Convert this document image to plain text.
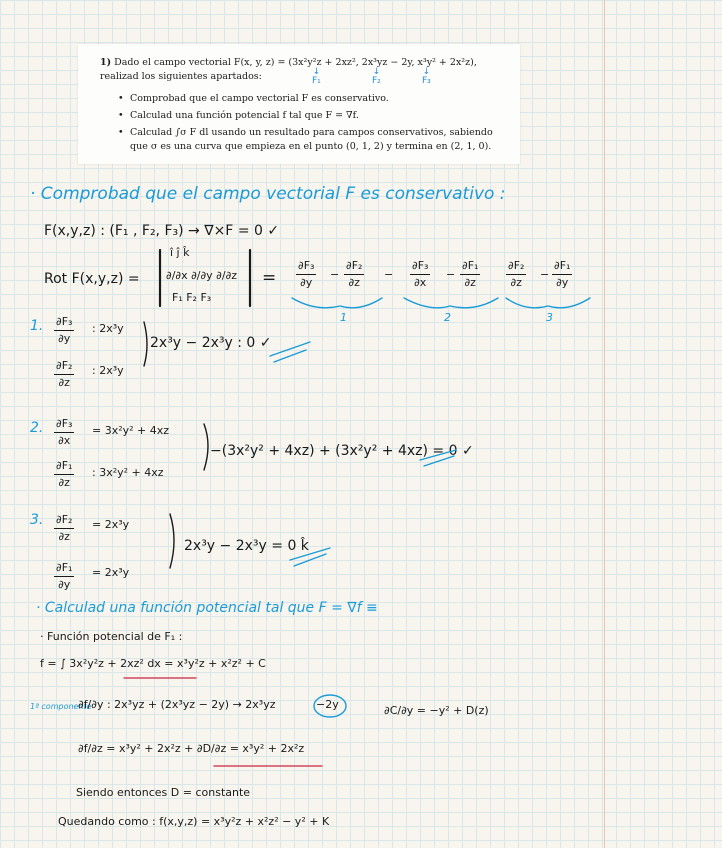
1) Dado el campo vectorial F(x, y, z) = (3x²y²z + 2xz², 2x³yz − 2y, x³y² + 2x²z), realizad los siguientes apartados:	↓
F₁
↓
F₂
↓
F₃
• Comprobad que el campo vectorial F es conservativo.
• Calculad una función potencial f tal que F = ∇f.
• Calculad ∫σ F dl usando un resultado para campos conservativos, sabiendo que σ es una curva que empieza en el punto (0, 1, 2) y termina en (2, 1, 0).
· Comprobad que el campo vectorial F es conservativo :
F(x,y,z) : (F₁ , F₂, F₃) → ∇×F = 0 ✓
Rot F(x,y,z) =
î ĵ k̂
∂/∂x ∂/∂y ∂/∂z
F₁ F₂ F₃
= $\frac{\text{∂F₃}}{\partial y} - \frac{\text{∂F₂}}{\partial z} - \frac{\text{∂F₃}}{\partial x} - \frac{\text{∂F₁}}{\partial z} \frac{\text{∂F₂}}{\partial z} - \frac{\text{∂F₁}}{\partial y}$
1	2	3
1. $\frac{\text{∂F₃}}{\partial y}$ : 2x³y
$\frac{\text{∂F₂}}{\partial z}$ : 2x³y
2x³y − 2x³y : 0 ✓
2. $\frac{\text{∂F₃}}{\partial x} = 3x^2y^2 + 4xz$
$\frac{\text{∂F₁}}{\partial z}$ : 3x²y² + 4xz
−(3x²y² + 4xz) + (3x²y² + 4xz) = 0 ✓
3. $\frac{\text{∂F₂}}{\partial z} = 2x^3y$
$\frac{\text{∂F₁}}{\partial y} = 2x^3y$
2x³y − 2x³y = 0 k̂
· Calculad una función potencial tal que F = ∇f ≡
· Función potencial de F₁ :
f = ∫ 3x²y²z + 2xz² dx = x³y²z + x²z² + C
1ª componente
∂f/∂y : 2x³yz + (2x³yz − 2y) → 2x³yz	−2y	∂C/∂y = −y² + D(z)
∂f/∂z = x³y² + 2x²z + ∂D/∂z = x³y² + 2x²z
Siendo entonces D = constante
Quedando como : f(x,y,z) = x³y²z + x²z² − y² + K
